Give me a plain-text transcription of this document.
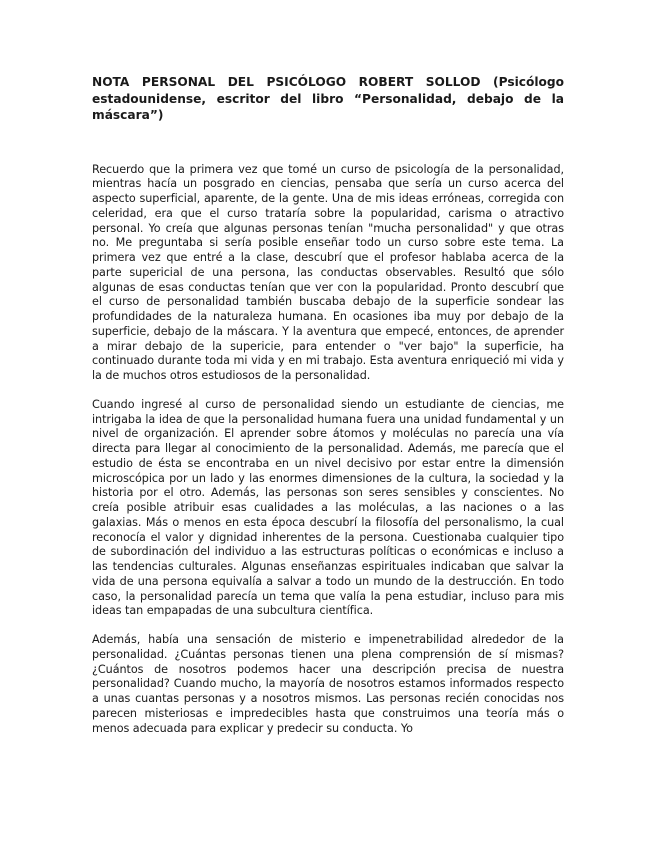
NOTA PERSONAL DEL PSICÓLOGO ROBERT SOLLOD (Psicólogo estadounidense, escritor del libro “Personalidad, debajo de la máscara”)

Recuerdo que la primera vez que tomé un curso de psicología de la personalidad, mientras hacía un posgrado en ciencias, pensaba que sería un curso acerca del aspecto superficial, aparente, de la gente. Una de mis ideas erróneas, corregida con celeridad, era que el curso trataría sobre la popularidad, carisma o atractivo personal. Yo creía que algunas personas tenían "mucha personalidad" y que otras no. Me preguntaba si sería posible enseñar todo un curso sobre este tema. La primera vez que entré a la clase, descubrí que el profesor hablaba acerca de la parte supericial de una persona, las conductas observables. Resultó que sólo algunas de esas conductas tenían que ver con la popularidad. Pronto descubrí que el curso de personalidad también buscaba debajo de la superficie sondear las profundidades de la naturaleza humana. En ocasiones iba muy por debajo de la superficie, debajo de la máscara. Y la aventura que empecé, entonces, de aprender a mirar debajo de la supericie, para entender o "ver bajo" la superficie, ha continuado durante toda mi vida y en mi trabajo. Esta aventura enriqueció mi vida y la de muchos otros estudiosos de la personalidad.

Cuando ingresé al curso de personalidad siendo un estudiante de ciencias, me intrigaba la idea de que la personalidad humana fuera una unidad fundamental y un nivel de organización. El aprender sobre átomos y moléculas no parecía una vía directa para llegar al conocimiento de la personalidad. Además, me parecía que el estudio de ésta se encontraba en un nivel decisivo por estar entre la dimensión microscópica por un lado y las enormes dimensiones de la cultura, la sociedad y la historia por el otro. Además, las personas son seres sensibles y conscientes. No creía posible atribuir esas cualidades a las moléculas, a las naciones o a las galaxias. Más o menos en esta época descubrí la filosofía del personalismo, la cual reconocía el valor y dignidad inherentes de la persona. Cuestionaba cualquier tipo de subordinación del individuo a las estructuras políticas o económicas e incluso a las tendencias culturales. Algunas enseñanzas espirituales indicaban que salvar la vida de una persona equivalía a salvar a todo un mundo de la destrucción. En todo caso, la personalidad parecía un tema que valía la pena estudiar, incluso para mis ideas tan empapadas de una subcultura científica.

Además, había una sensación de misterio e impenetrabilidad alrededor de la personalidad. ¿Cuántas personas tienen una plena comprensión de sí mismas? ¿Cuántos de nosotros podemos hacer una descripción precisa de nuestra personalidad? Cuando mucho, la mayoría de nosotros estamos informados respecto a unas cuantas personas y a nosotros mismos. Las personas recién conocidas nos parecen misteriosas e impredecibles hasta que construimos una teoría más o menos adecuada para explicar y predecir su conducta. Yo
